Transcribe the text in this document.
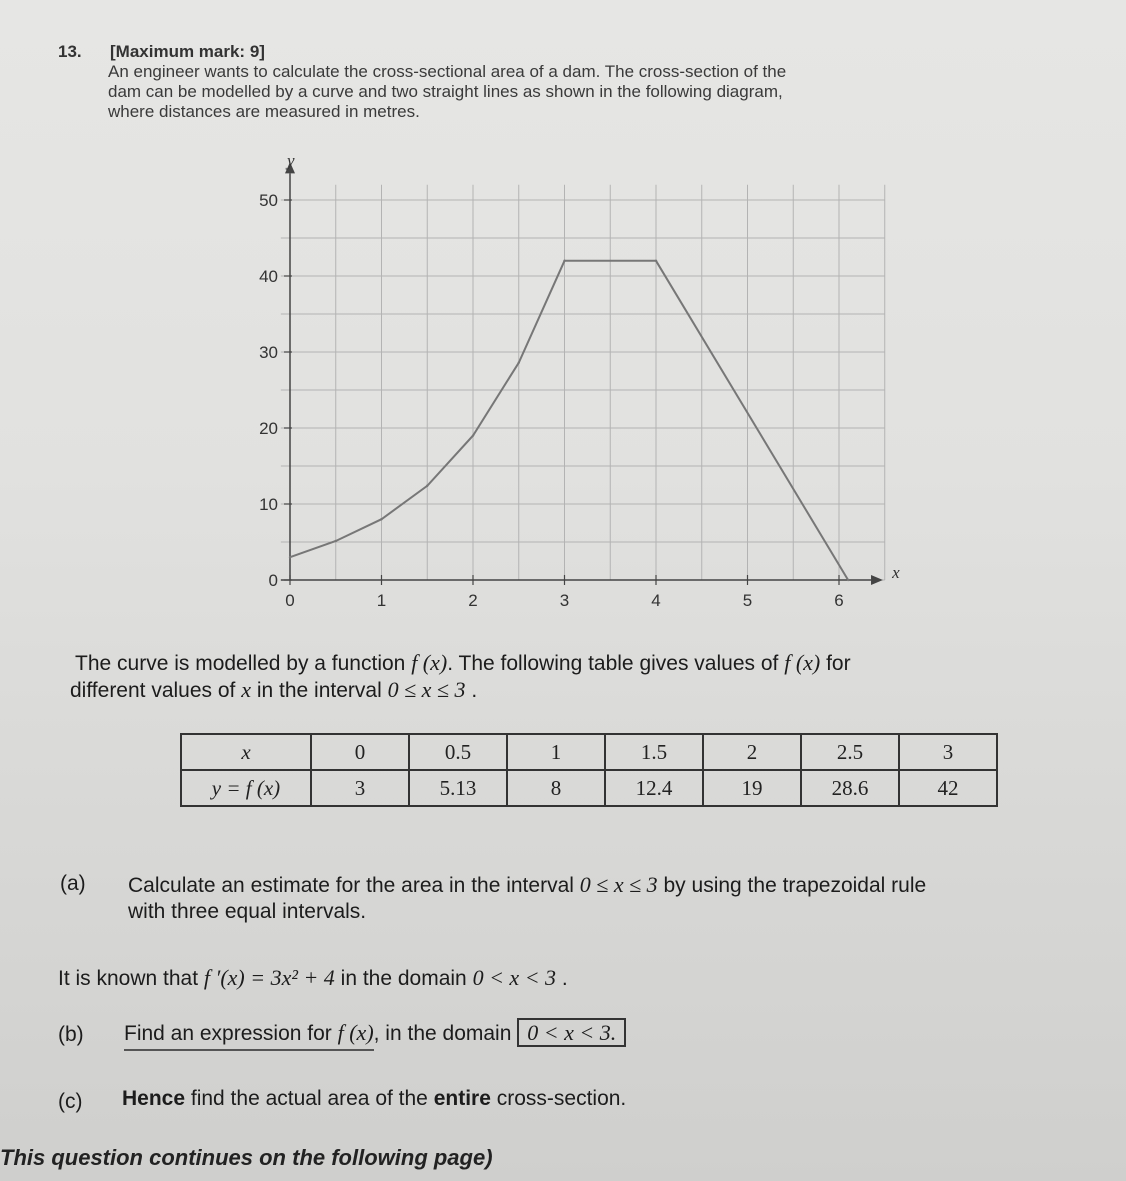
13. [Maximum mark: 9]
An engineer wants to calculate the cross-sectional area of a dam. The cross-section of the
dam can be modelled by a curve and two straight lines as shown in the following diagram,
where distances are measured in metres.
0	1	2	3	4	5	6
0
10
20
30
40
50
x
y
The curve is modelled by a function f (x). The following table gives values of f (x) for
different values of x in the interval 0 ≤ x ≤ 3 .
x	0	0.5	1	1.5	2	2.5	3
y = f (x)	3	5.13	8	12.4	19	28.6	42
(a) Calculate an estimate for the area in the interval 0 ≤ x ≤ 3 by using the trapezoidal rule
with three equal intervals.
It is known that f ′(x) = 3x² + 4 in the domain 0 < x < 3 .
(b) Find an expression for f (x), in the domain 0 < x < 3.
(c) Hence find the actual area of the entire cross-section.
This question continues on the following page)
